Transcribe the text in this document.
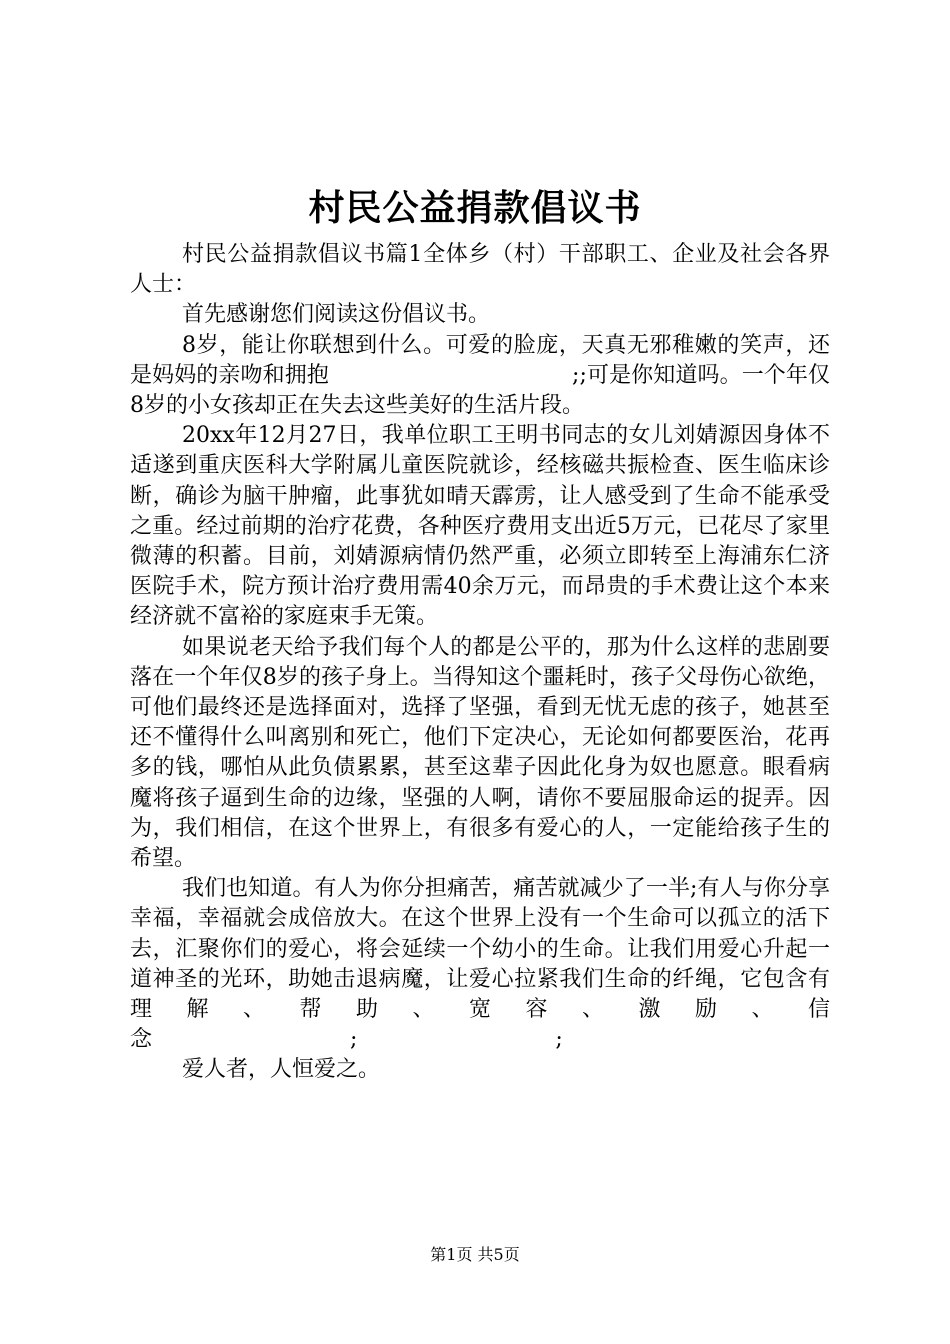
村民公益捐款倡议书

村民公益捐款倡议书篇1全体乡（村）干部职工、企业及社会各界人士：

首先感谢您们阅读这份倡议书。

8岁，能让你联想到什么。可爱的脸庞，天真无邪稚嫩的笑声，还是妈妈的亲吻和拥抱　　　　　　　　　　　;;可是你知道吗。一个年仅8岁的小女孩却正在失去这些美好的生活片段。

20xx年12月27日，我单位职工王明书同志的女儿刘婧源因身体不适遂到重庆医科大学附属儿童医院就诊，经核磁共振检查、医生临床诊断，确诊为脑干肿瘤，此事犹如晴天霹雳，让人感受到了生命不能承受之重。经过前期的治疗花费，各种医疗费用支出近5万元，已花尽了家里微薄的积蓄。目前，刘婧源病情仍然严重，必须立即转至上海浦东仁济医院手术，院方预计治疗费用需40余万元，而昂贵的手术费让这个本来经济就不富裕的家庭束手无策。

如果说老天给予我们每个人的都是公平的，那为什么这样的悲剧要落在一个年仅8岁的孩子身上。当得知这个噩耗时，孩子父母伤心欲绝，可他们最终还是选择面对，选择了坚强，看到无忧无虑的孩子，她甚至还不懂得什么叫离别和死亡，他们下定决心，无论如何都要医治，花再多的钱，哪怕从此负债累累，甚至这辈子因此化身为奴也愿意。眼看病魔将孩子逼到生命的边缘，坚强的人啊，请你不要屈服命运的捉弄。因为，我们相信，在这个世界上，有很多有爱心的人，一定能给孩子生的希望。

我们也知道。有人为你分担痛苦，痛苦就减少了一半;有人与你分享幸福，幸福就会成倍放大。在这个世界上没有一个生命可以孤立的活下去，汇聚你们的爱心，将会延续一个幼小的生命。让我们用爱心升起一道神圣的光环，助她击退病魔，让爱心拉紧我们生命的纤绳，它包含有理解、帮助、宽容、激励、信念　　　　　　　　　;　　　　　　　　　;

爱人者，人恒爱之。

第1页 共5页
